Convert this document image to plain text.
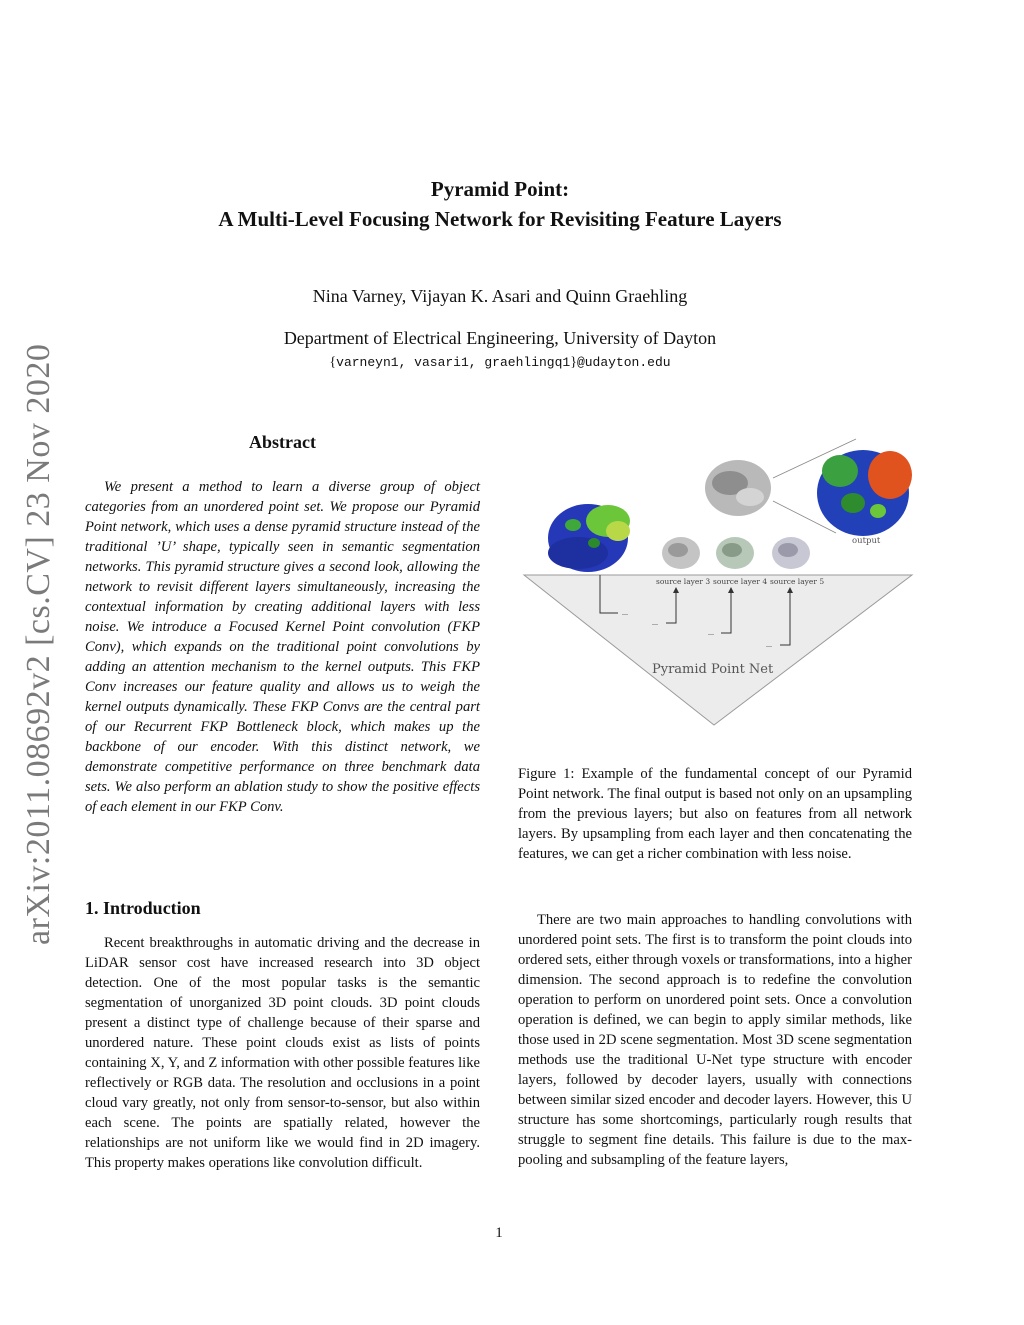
arXiv:2011.08692v2 [cs.CV] 23 Nov 2020
Pyramid Point:
A Multi-Level Focusing Network for Revisiting Feature Layers
Nina Varney, Vijayan K. Asari and Quinn Graehling
Department of Electrical Engineering, University of Dayton
{varneyn1, vasari1, graehlingq1}@udayton.edu
Abstract

We present a method to learn a diverse group of object categories from an unordered point set. We propose our Pyramid Point network, which uses a dense pyramid structure instead of the traditional ’U’ shape, typically seen in semantic segmentation networks. This pyramid structure gives a second look, allowing the network to revisit different layers simultaneously, increasing the contextual information by creating additional layers with less noise. We introduce a Focused Kernel Point convolution (FKP Conv), which expands on the traditional point convolutions by adding an attention mechanism to the kernel outputs. This FKP Conv increases our feature quality and allows us to weigh the kernel outputs dynamically. These FKP Convs are the central part of our Recurrent FKP Bottleneck block, which makes up the backbone of our encoder. With this distinct network, we demonstrate competitive performance on three benchmark data sets. We also perform an ablation study to show the positive effects of each element in our FKP Conv.

1. Introduction

Recent breakthroughs in automatic driving and the decrease in LiDAR sensor cost have increased research into 3D object detection. One of the most popular tasks is the semantic segmentation of unorganized 3D point clouds. 3D point clouds present a distinct type of challenge because of their sparse and unordered nature. These point clouds exist as lists of points containing X, Y, and Z information with other possible features like reflectively or RGB data. The resolution and occlusions in a point cloud vary greatly, not only from sensor-to-sensor, but also within each scene. The points are spatially related, however the relationships are not uniform like we would find in 2D imagery. This property makes operations like convolution difficult.

output
source layer 3 source layer 4 source layer 5
...
...
...
...
Pyramid Point Net

Figure 1: Example of the fundamental concept of our Pyramid Point network. The final output is based not only on an upsampling from the previous layers; but also on features from all network layers. By upsampling from each layer and then concatenating the features, we can get a richer combination with less noise.

There are two main approaches to handling convolutions with unordered point sets. The first is to transform the point clouds into ordered sets, either through voxels or transformations, into a higher dimension. The second approach is to redefine the convolution operation to perform on unordered point sets. Once a convolution operation is defined, we can begin to apply similar methods, like those used in 2D scene segmentation. Most 3D scene segmentation methods use the traditional U-Net type structure with encoder layers, followed by decoder layers, usually with connections between similar sized encoder and decoder layers. However, this U structure has some shortcomings, particularly rough results that struggle to segment fine details. This failure is due to the max-pooling and subsampling of the feature layers,

1
